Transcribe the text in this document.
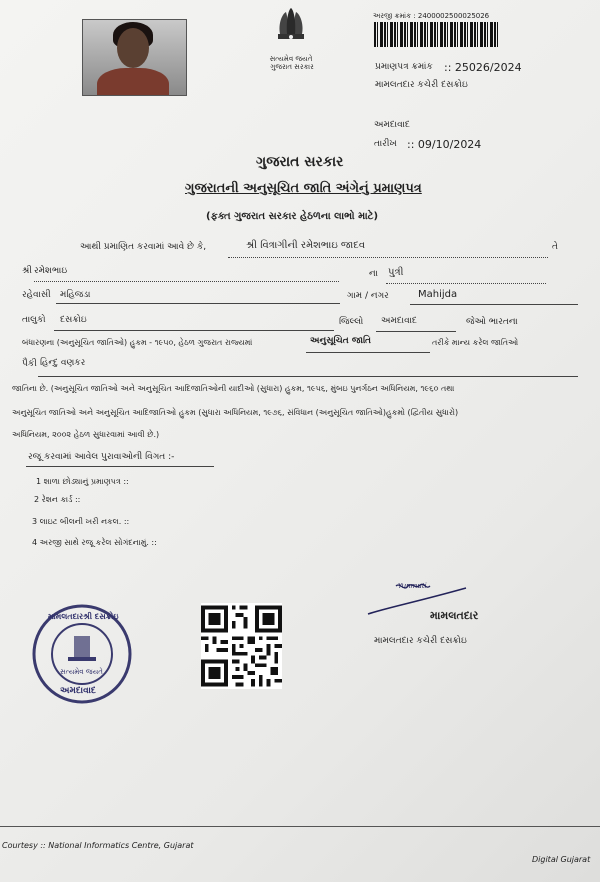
સત્યમેવ જયતે
ગુજરાત સરકાર
અરજી ક્રમાંક : 2400002500025026
પ્રમાણપત્ર ક્રમાંક :: 25026/2024
મામલતદાર કચેરી દસક્રોઇ
અમદાવાદ
તારીખ :: 09/10/2024
ગુજરાત સરકાર
ગુજરાતની અનુસૂચિત જાતિ અંગેનું પ્રમાણપત્ર
(ફક્ત ગુજરાત સરકાર હેઠળના લાભો માટે)
આથી પ્રમાણિત કરવામાં આવે છે કે,	શ્રી વિત્રાગીની રમેશભાઇ જાદવ	તે
શ્રી રમેશભાઇ	ના પુત્રી
રહેવાસી મહિજડા	ગામ / નગર	Mahijda
તાલુકો દસક્રોઇ	જિલ્લો અમદાવાદ	જેઓ ભારતના
બંધારણના (અનુસૂચિત જાતિઓ) હુકમ - ૧૯૫૦, હેઠળ ગુજરાત રાજ્યમાં	અનુસૂચિત જાતિ	તરીકે માન્ય કરેલ જાતિઓ
પૈકી હિન્દુ વણકર
જાતિના છે. (અનુસૂચિત જાતિઓ અને અનુસૂચિત આદિજાતિઓની યાદીઓ (સુધારા) હુકમ, ૧૯૫૬, મુંબઇ પુનર્ગઠન અધિનિયમ, ૧૯૬૦ તથા
અનુસૂચિત જાતિઓ અને અનુસૂચિત આદિજાતિઓ હુકમ (સુધારા અધિનિયમ, ૧૯૭૬, સંવિધાન (અનુસૂચિત જાતિઓ)હુકમો (દ્વિતીય સુધારો)
અધિનિયમ, ૨૦૦૨ હેઠળ સુધારવામાં આવી છે.)
રજૂ કરવામાં આવેલ પુરાવાઓની વિગત :-
1 શાળા છોડ્યાનું પ્રમાણપત્ર ::
2 રેશન કાર્ડ ::
3 લાઇટ બીલની ખરી નકલ. ::
4 અરજી સાથે રજૂ કરેલ સોગંદનામું. ::
મામલતદારશ્રી દસક્રોઇ
સત્યમેવ જયતે
અમદાવાદ
Yunmuti
મામલતદાર
મામલતદાર કચેરી દસક્રોઇ
Courtesy :: National Informatics Centre, Gujarat
Digital Gujarat
